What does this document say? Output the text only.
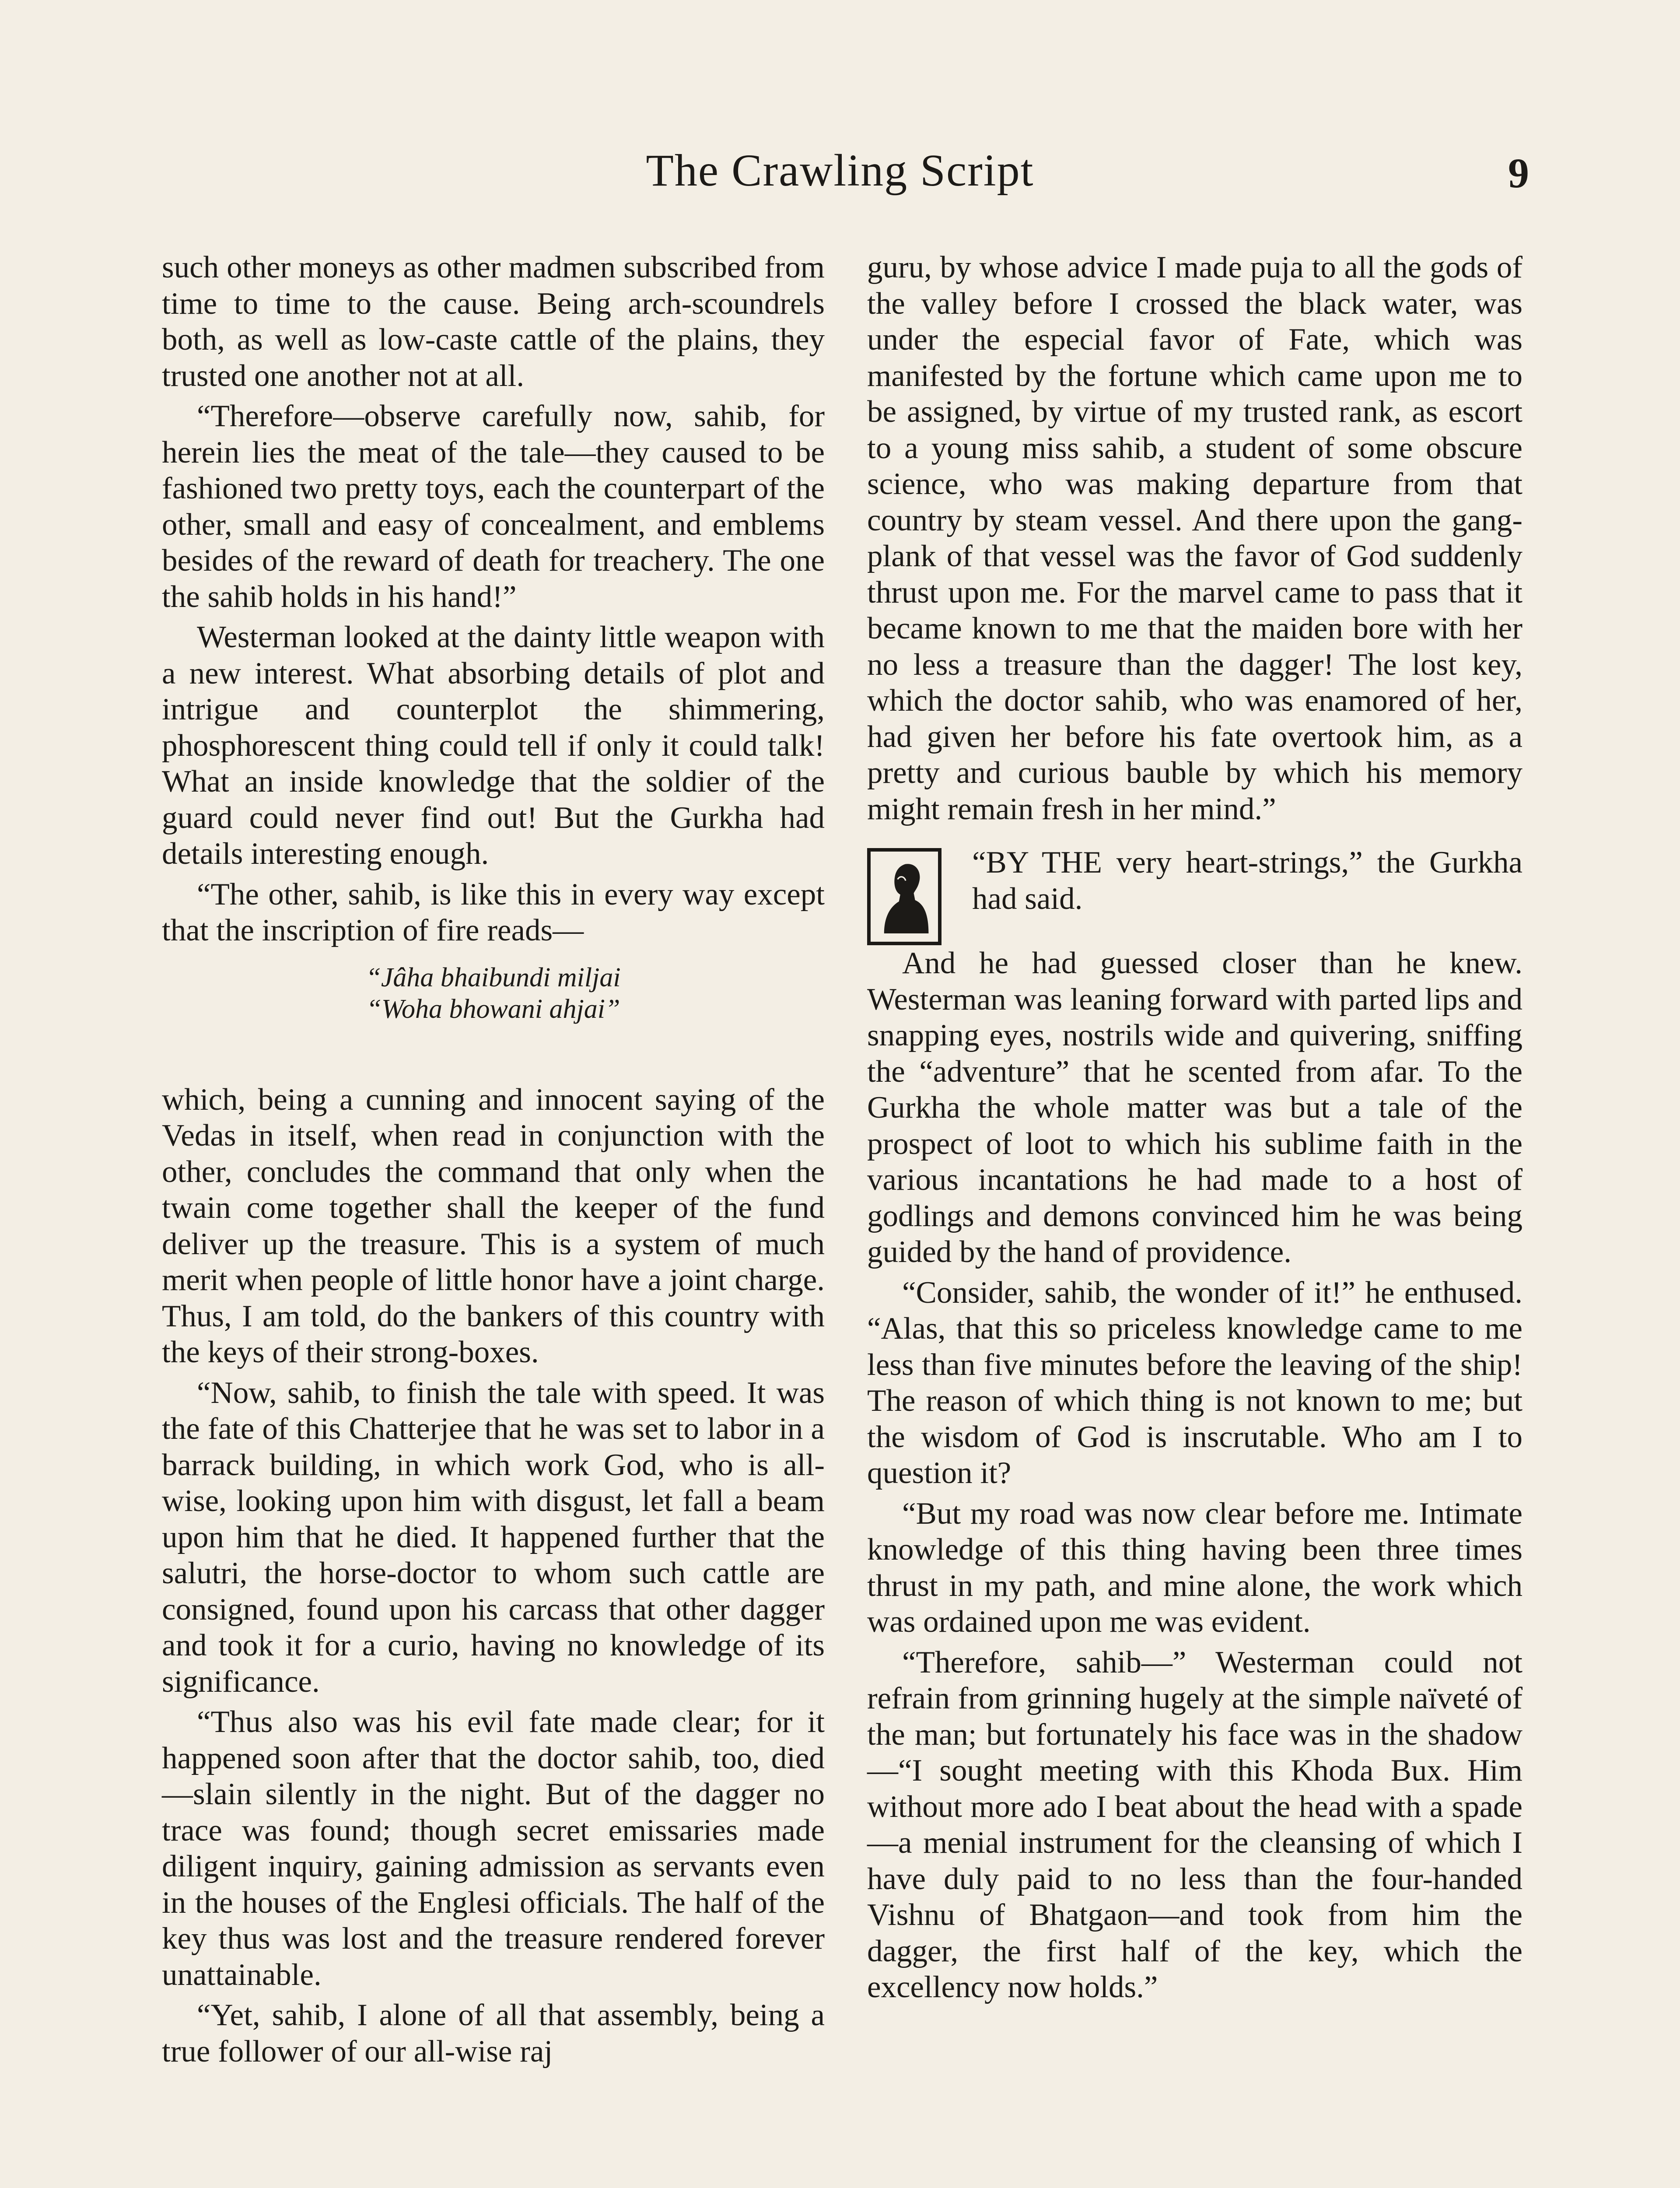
The Crawling Script	9

such other moneys as other madmen subscribed from time to time to the cause. Being arch-scoundrels both, as well as low-caste cattle of the plains, they trusted one another not at all.

“Therefore—observe carefully now, sahib, for herein lies the meat of the tale—they caused to be fashioned two pretty toys, each the counterpart of the other, small and easy of concealment, and emblems besides of the reward of death for treachery. The one the sahib holds in his hand!”

Westerman looked at the dainty little weapon with a new interest. What absorbing details of plot and intrigue and counterplot the shimmering, phosphorescent thing could tell if only it could talk! What an inside knowledge that the soldier of the guard could never find out! But the Gurkha had details interesting enough.

“The other, sahib, is like this in every way except that the inscription of fire reads—

“Jâha bhaibundi miljai
“Woha bhowani ahjai”

which, being a cunning and innocent saying of the Vedas in itself, when read in conjunction with the other, concludes the command that only when the twain come together shall the keeper of the fund deliver up the treasure. This is a system of much merit when people of little honor have a joint charge. Thus, I am told, do the bankers of this country with the keys of their strong-boxes.

“Now, sahib, to finish the tale with speed. It was the fate of this Chatterjee that he was set to labor in a barrack building, in which work God, who is all-wise, looking upon him with disgust, let fall a beam upon him that he died. It happened further that the salutri, the horse-doctor to whom such cattle are consigned, found upon his carcass that other dagger and took it for a curio, having no knowledge of its significance.

“Thus also was his evil fate made clear; for it happened soon after that the doctor sahib, too, died—slain silently in the night. But of the dagger no trace was found; though secret emissaries made diligent inquiry, gaining admission as servants even in the houses of the Englesi officials. The half of the key thus was lost and the treasure rendered forever unattainable.

“Yet, sahib, I alone of all that assembly, being a true follower of our all-wise raj

guru, by whose advice I made puja to all the gods of the valley before I crossed the black water, was under the especial favor of Fate, which was manifested by the fortune which came upon me to be assigned, by virtue of my trusted rank, as escort to a young miss sahib, a student of some obscure science, who was making departure from that country by steam vessel. And there upon the gang-plank of that vessel was the favor of God suddenly thrust upon me. For the marvel came to pass that it became known to me that the maiden bore with her no less a treasure than the dagger! The lost key, which the doctor sahib, who was enamored of her, had given her before his fate overtook him, as a pretty and curious bauble by which his memory might remain fresh in her mind.”

“BY THE very heart-strings,” the Gurkha had said.

And he had guessed closer than he knew. Westerman was leaning forward with parted lips and snapping eyes, nostrils wide and quivering, sniffing the “adventure” that he scented from afar. To the Gurkha the whole matter was but a tale of the prospect of loot to which his sublime faith in the various incantations he had made to a host of godlings and demons convinced him he was being guided by the hand of providence.

“Consider, sahib, the wonder of it!” he enthused. “Alas, that this so priceless knowledge came to me less than five minutes before the leaving of the ship! The reason of which thing is not known to me; but the wisdom of God is inscrutable. Who am I to question it?

“But my road was now clear before me. Intimate knowledge of this thing having been three times thrust in my path, and mine alone, the work which was ordained upon me was evident.

“Therefore, sahib—” Westerman could not refrain from grinning hugely at the simple naïveté of the man; but fortunately his face was in the shadow—“I sought meeting with this Khoda Bux. Him without more ado I beat about the head with a spade—a menial instrument for the cleansing of which I have duly paid to no less than the four-handed Vishnu of Bhatgaon—and took from him the dagger, the first half of the key, which the excellency now holds.”
